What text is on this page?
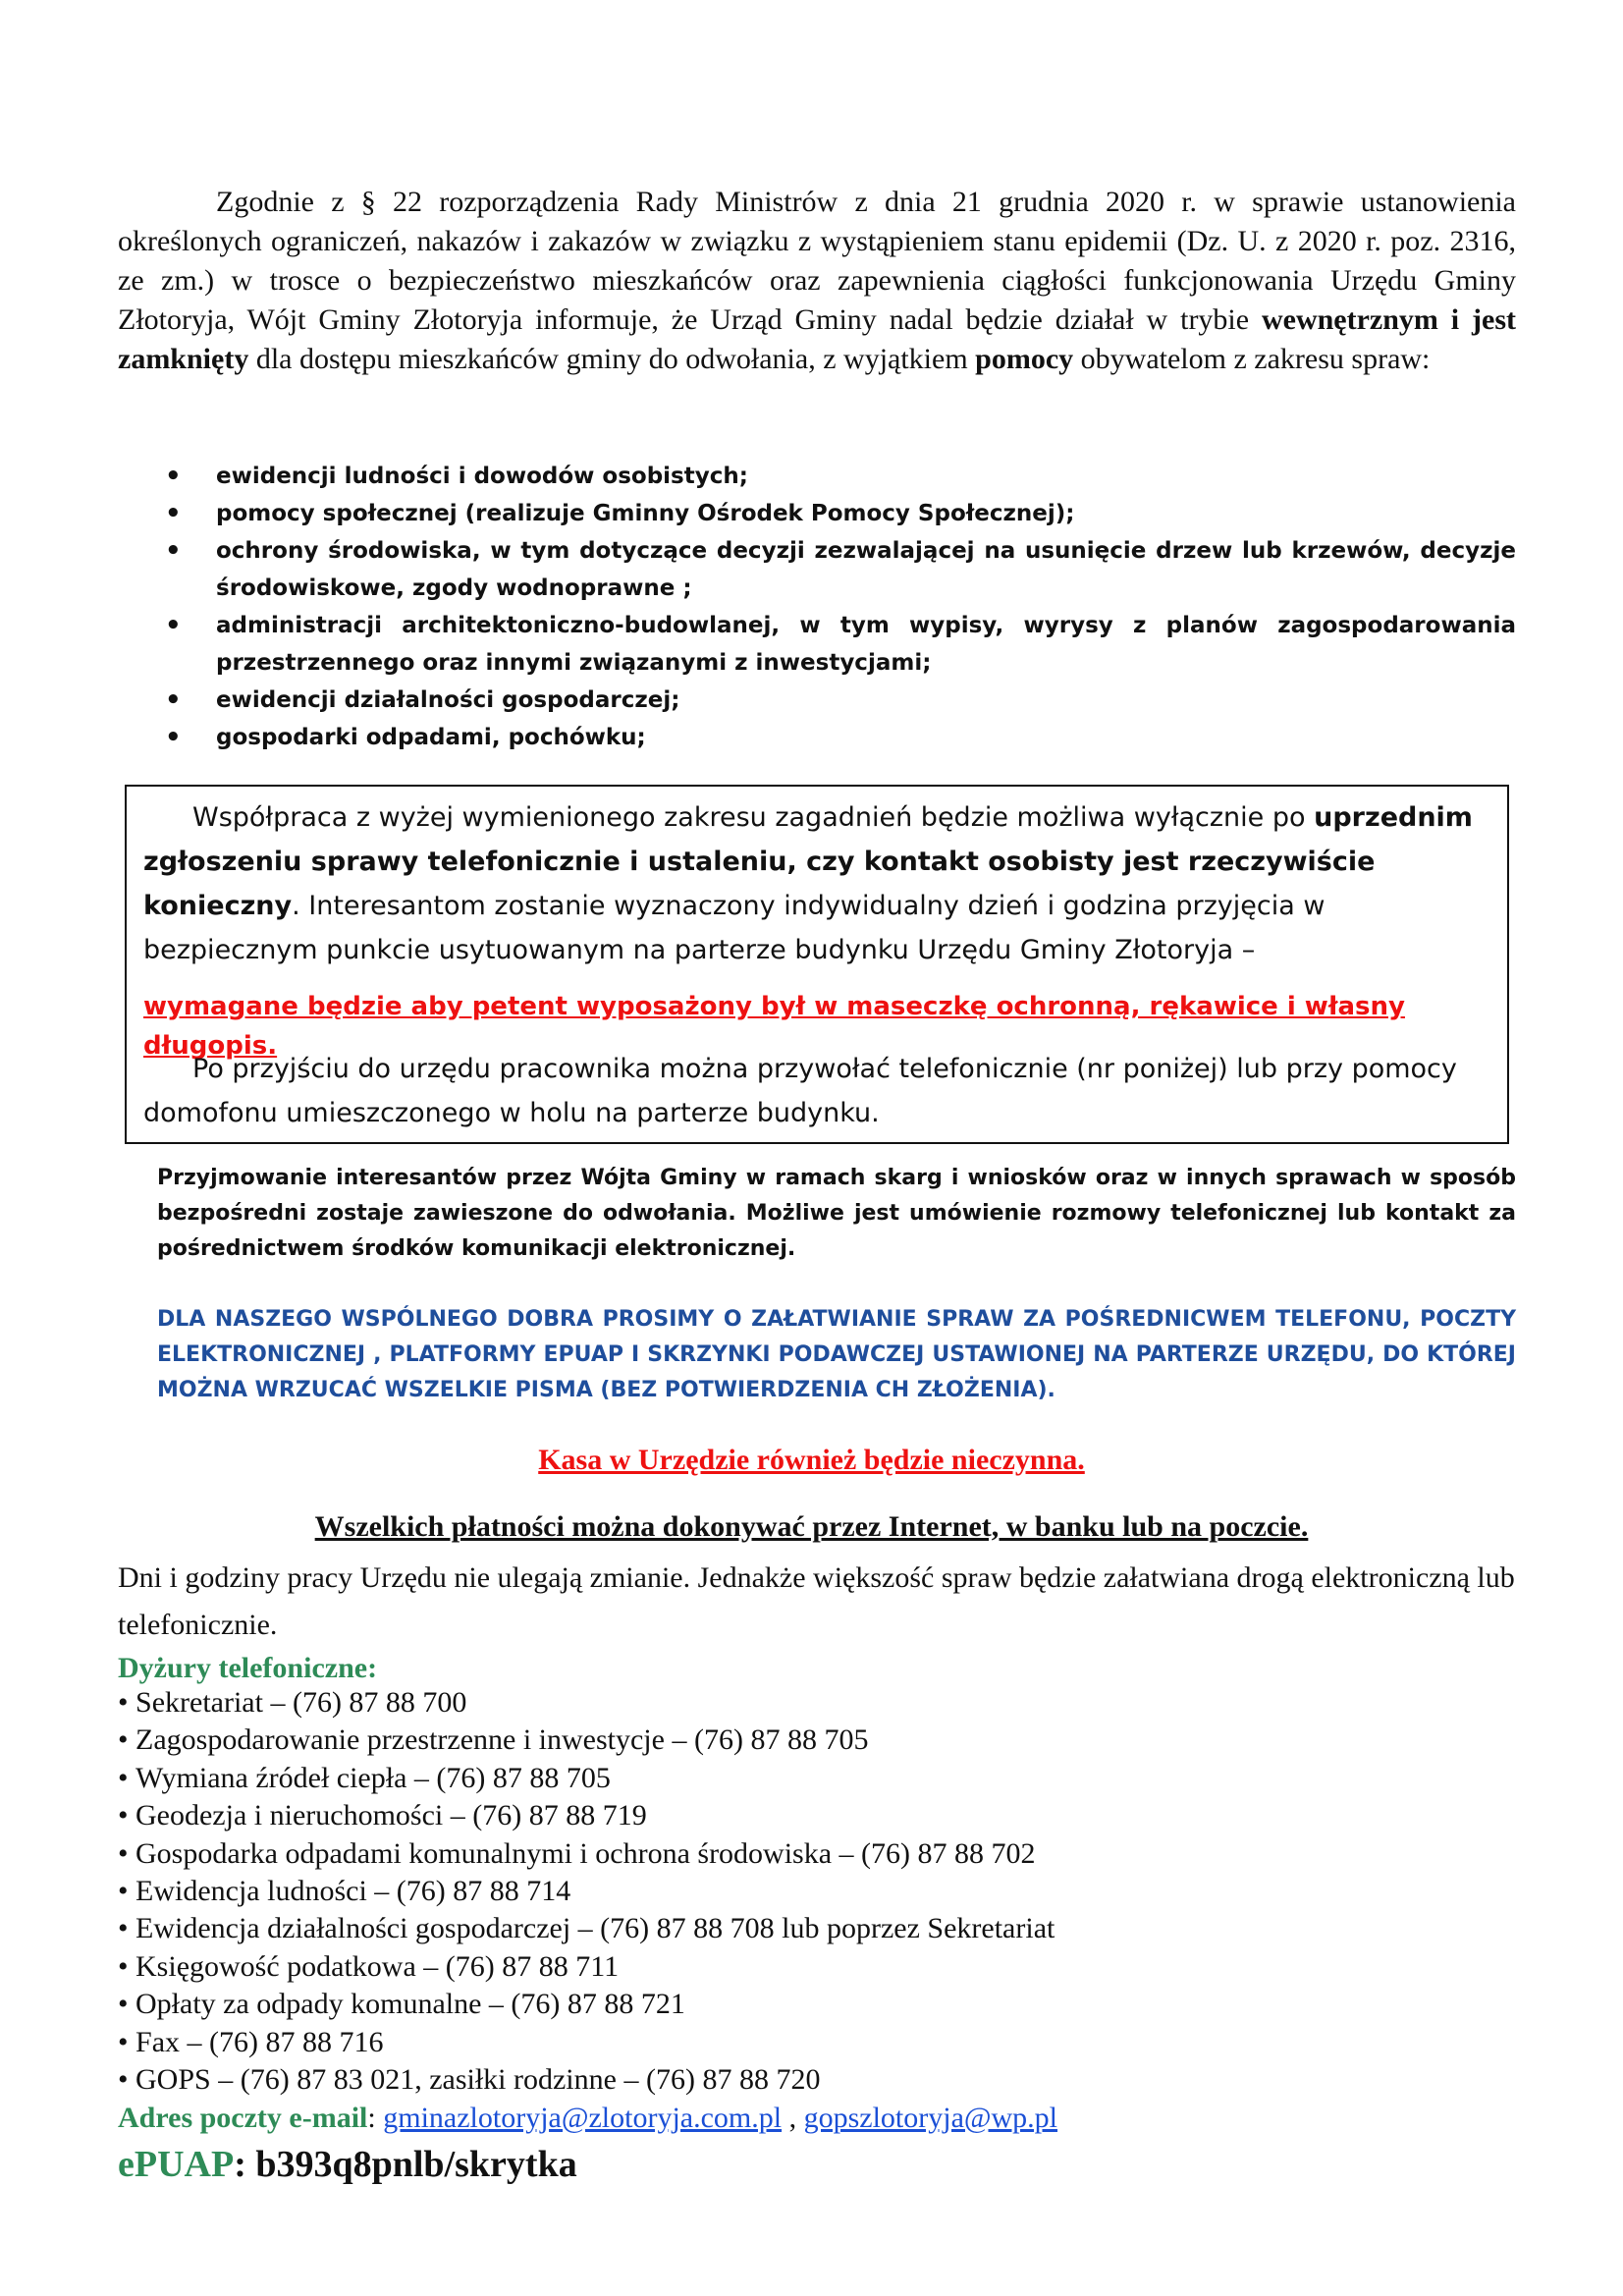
Zgodnie z § 22 rozporządzenia Rady Ministrów z dnia 21 grudnia 2020 r. w sprawie ustanowienia określonych ograniczeń, nakazów i zakazów w związku z wystąpieniem stanu epidemii (Dz. U. z 2020 r. poz. 2316, ze zm.) w trosce o bezpieczeństwo mieszkańców oraz zapewnienia ciągłości funkcjonowania Urzędu Gminy Złotoryja, Wójt Gminy Złotoryja informuje, że Urząd Gminy nadal będzie działał w trybie wewnętrznym i jest zamknięty dla dostępu mieszkańców gminy do odwołania, z wyjątkiem pomocy obywatelom z zakresu spraw:
• ewidencji ludności i dowodów osobistych;
• pomocy społecznej (realizuje Gminny Ośrodek Pomocy Społecznej);
• ochrony środowiska, w tym dotyczące decyzji zezwalającej na usunięcie drzew lub krzewów, decyzje środowiskowe, zgody wodnoprawne ;
• administracji architektoniczno-budowlanej, w tym wypisy, wyrysy z planów zagospodarowania przestrzennego oraz innymi związanymi z inwestycjami;
• ewidencji działalności gospodarczej;
• gospodarki odpadami, pochówku;
Współpraca z wyżej wymienionego zakresu zagadnień będzie możliwa wyłącznie po uprzednim zgłoszeniu sprawy telefonicznie i ustaleniu, czy kontakt osobisty jest rzeczywiście konieczny. Interesantom zostanie wyznaczony indywidualny dzień i godzina przyjęcia w bezpiecznym punkcie usytuowanym na parterze budynku Urzędu Gminy Złotoryja –
wymagane będzie aby petent wyposażony był w maseczkę ochronną, rękawice i własny długopis.
Po przyjściu do urzędu pracownika można przywołać telefonicznie (nr poniżej) lub przy pomocy domofonu umieszczonego w holu na parterze budynku.
Przyjmowanie interesantów przez Wójta Gminy w ramach skarg i wniosków oraz w innych sprawach w sposób bezpośredni zostaje zawieszone do odwołania. Możliwe jest umówienie rozmowy telefonicznej lub kontakt za pośrednictwem środków komunikacji elektronicznej.
DLA NASZEGO WSPÓLNEGO DOBRA PROSIMY O ZAŁATWIANIE SPRAW ZA POŚREDNICWEM TELEFONU, POCZTY ELEKTRONICZNEJ , PLATFORMY EPUAP I SKRZYNKI PODAWCZEJ USTAWIONEJ NA PARTERZE URZĘDU, DO KTÓREJ MOŻNA WRZUCAĆ WSZELKIE PISMA (BEZ POTWIERDZENIA CH ZŁOŻENIA).
Kasa w Urzędzie również będzie nieczynna.
Wszelkich płatności można dokonywać przez Internet, w banku lub na poczcie.
Dni i godziny pracy Urzędu nie ulegają zmianie. Jednakże większość spraw będzie załatwiana drogą elektroniczną lub telefonicznie.
Dyżury telefoniczne:
• Sekretariat – (76) 87 88 700
• Zagospodarowanie przestrzenne i inwestycje – (76) 87 88 705
• Wymiana źródeł ciepła – (76) 87 88 705
• Geodezja i nieruchomości – (76) 87 88 719
• Gospodarka odpadami komunalnymi i ochrona środowiska – (76) 87 88 702
• Ewidencja ludności – (76) 87 88 714
• Ewidencja działalności gospodarczej – (76) 87 88 708 lub poprzez Sekretariat
• Księgowość podatkowa – (76) 87 88 711
• Opłaty za odpady komunalne – (76) 87 88 721
• Fax – (76) 87 88 716
• GOPS – (76) 87 83 021, zasiłki rodzinne – (76) 87 88 720
Adres poczty e-mail: gminazlotoryja@zlotoryja.com.pl , gopszlotoryja@wp.pl
ePUAP: b393q8pnlb/skrytka
